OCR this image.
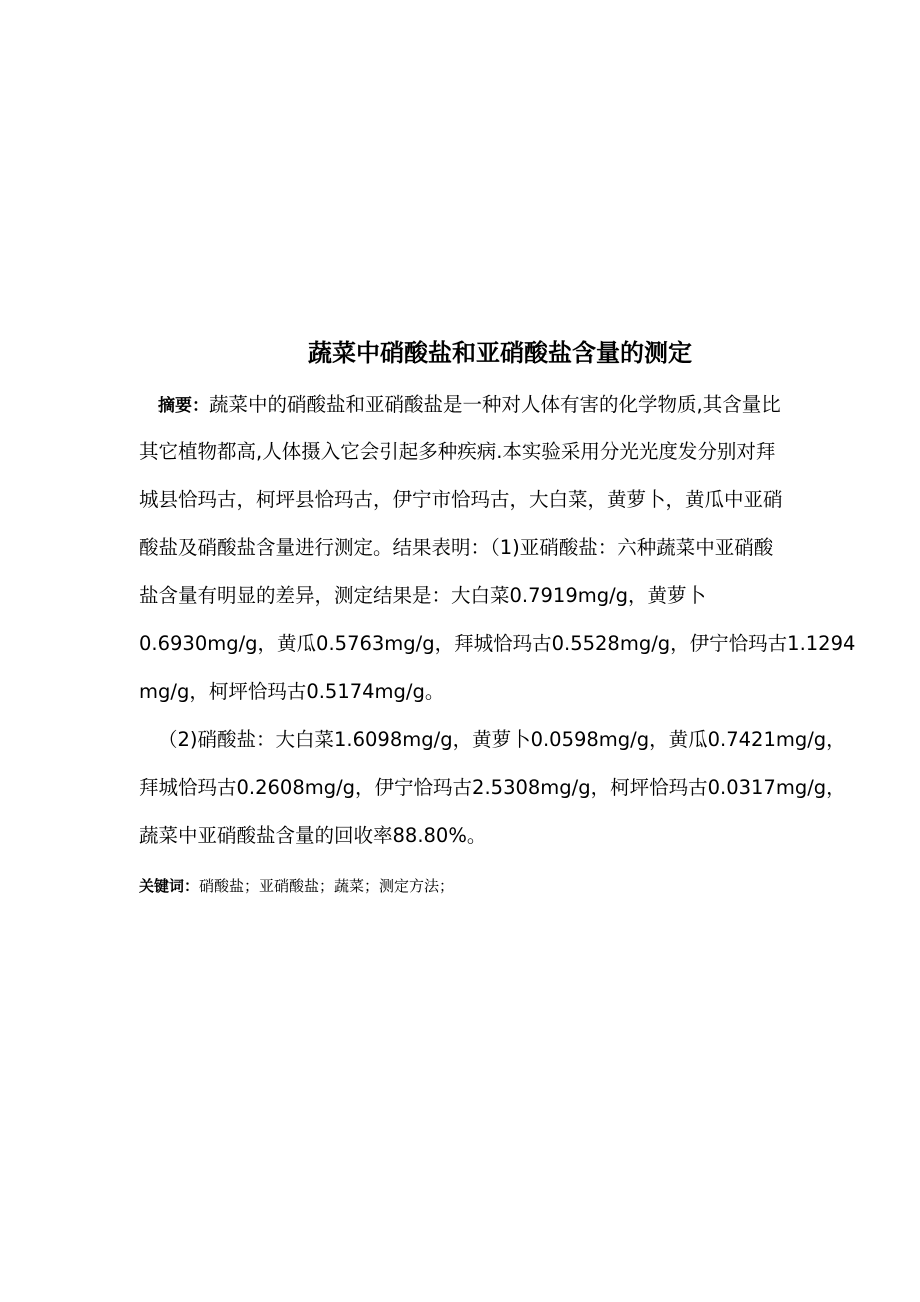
蔬菜中硝酸盐和亚硝酸盐含量的测定
摘要：蔬菜中的硝酸盐和亚硝酸盐是一种对人体有害的化学物质,其含量比
其它植物都高,人体摄入它会引起多种疾病.本实验采用分光光度发分别对拜
城县恰玛古，柯坪县恰玛古，伊宁市恰玛古，大白菜，黄萝卜，黄瓜中亚硝
酸盐及硝酸盐含量进行测定。结果表明：（1)亚硝酸盐：六种蔬菜中亚硝酸
盐含量有明显的差异，测定结果是：大白菜0.7919mg/g，黄萝卜
0.6930mg/g，黄瓜0.5763mg/g，拜城恰玛古0.5528mg/g，伊宁恰玛古1.1294
mg/g，柯坪恰玛古0.5174mg/g。
（2)硝酸盐：大白菜1.6098mg/g，黄萝卜0.0598mg/g，黄瓜0.7421mg/g，
拜城恰玛古0.2608mg/g，伊宁恰玛古2.5308mg/g，柯坪恰玛古0.0317mg/g，
蔬菜中亚硝酸盐含量的回收率88.80%。
关键词：硝酸盐；亚硝酸盐；蔬菜；测定方法；
